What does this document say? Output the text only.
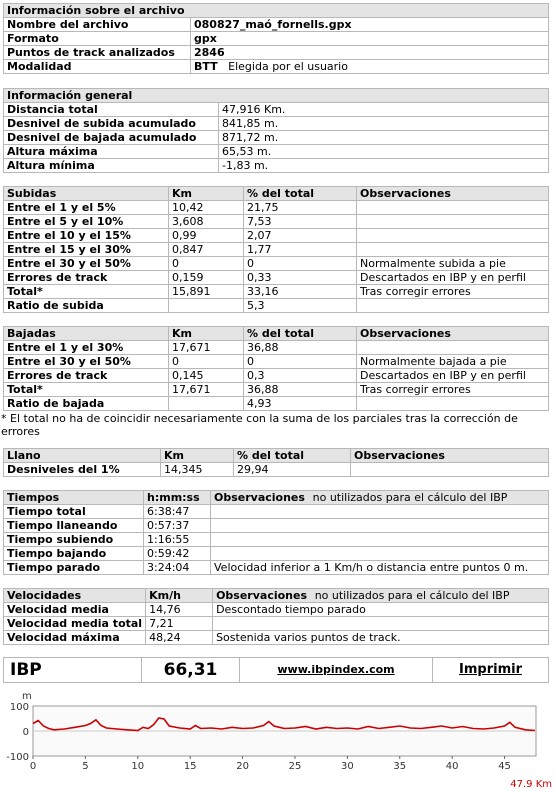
Información sobre el archivo	
Nombre del archivo	080827_maó_fornells.gpx
Formato	gpx
Puntos de track analizados	2846
Modalidad	BTT Elegida por el usuario
Información general	
Distancia total	47,916 Km.
Desnivel de subida acumulado	841,85 m.
Desnivel de bajada acumulado	871,72 m.
Altura máxima	65,53 m.
Altura mínima	-1,83 m.
Subidas	Km	% del total	Observaciones
Entre el 1 y el 5%	10,42	21,75	
Entre el 5 y el 10%	3,608	7,53	
Entre el 10 y el 15%	0,99	2,07	
Entre el 15 y el 30%	0,847	1,77	
Entre el 30 y el 50%	0	0	Normalmente subida a pie
Errores de track	0,159	0,33	Descartados en IBP y en perfil
Total*	15,891	33,16	Tras corregir errores
Ratio de subida		5,3	
Bajadas	Km	% del total	Observaciones
Entre el 1 y el 30%	17,671	36,88	
Entre el 30 y el 50%	0	0	Normalmente bajada a pie
Errores de track	0,145	0,3	Descartados en IBP y en perfil
Total*	17,671	36,88	Tras corregir errores
Ratio de bajada		4,93	
* El total no ha de coincidir necesariamente con la suma de los parciales tras la corrección de errores
Llano	Km	% del total	Observaciones
Desniveles del 1%	14,345	29,94	
Tiempos	h:mm:ss	Observaciones no utilizados para el cálculo del IBP
Tiempo total	6:38:47	
Tiempo llaneando	0:57:37	
Tiempo subiendo	1:16:55	
Tiempo bajando	0:59:42	
Tiempo parado	3:24:04	Velocidad inferior a 1 Km/h o distancia entre puntos 0 m.
Velocidades	Km/h	Observaciones no utilizados para el cálculo del IBP
Velocidad media	14,76	Descontado tiempo parado
Velocidad media total	7,21	
Velocidad máxima	48,24	Sostenida varios puntos de track.
IBP	66,31	www.ibpindex.com	Imprimir
100
0
-100
0	5	10	15	20	25	30	35	40	45
m
47.9 Km
